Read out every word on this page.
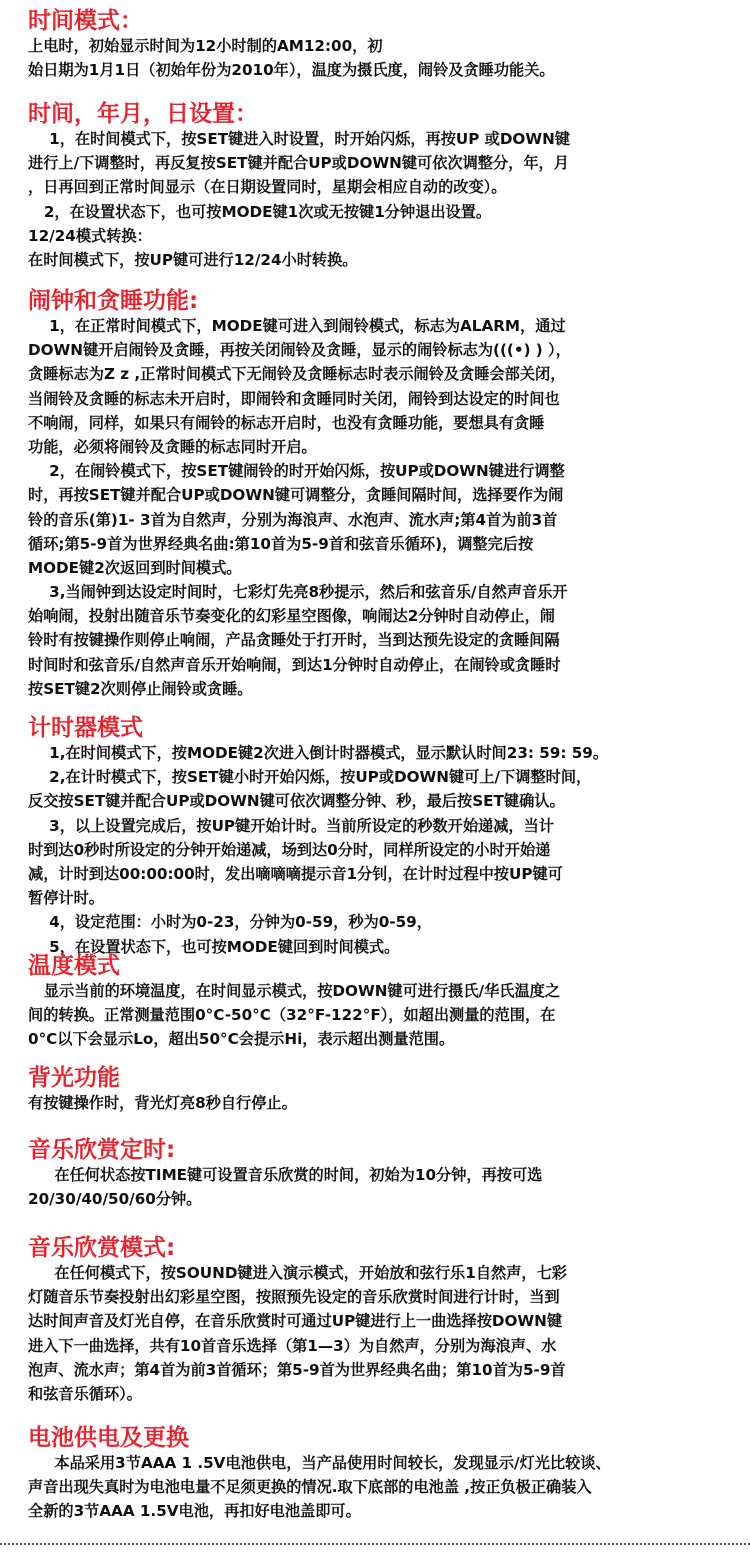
时间模式：
上电时，初始显示时间为12小时制的AM12:00，初
始日期为1月1日（初始年份为2010年），温度为摄氏度，闹铃及贪睡功能关。
时间，年月，日设置：
1，在时间模式下，按SET键进入时设置，时开始闪烁，再按UP 或DOWN键
进行上/下调整时，再反复按SET键并配合UP或DOWN键可依次调整分，年，月
，日再回到正常时间显示（在日期设置同时，星期会相应自动的改变）。
2，在设置状态下，也可按MODE键1次或无按键1分钟退出设置。
12/24模式转换：
在时间模式下，按UP键可进行12/24小时转换。
闹钟和贪睡功能:
1，在正常时间模式下，MODE键可进入到闹铃模式，标志为ALARM，通过
DOWN键开启闹铃及贪睡，再按关闭闹铃及贪睡，显示的闹铃标志为(((•) ) ），
贪睡标志为Z z ,正常时间模式下无闹铃及贪睡标志时表示闹铃及贪睡会部关闭，
当闹铃及贪睡的标志未开启时，即闹铃和贪睡同时关闭，闹铃到达设定的时间也
不响闹，同样，如果只有闹铃的标志开启时，也没有贪睡功能，要想具有贪睡
功能，必须将闹铃及贪睡的标志同时开启。
2，在闹铃模式下，按SET键闹铃的时开始闪烁，按UP或DOWN键进行调整
时，再按SET键并配合UP或DOWN键可调整分，贪睡间隔时间，选择要作为闹
铃的音乐(第)1- 3首为自然声，分别为海浪声、水泡声、流水声;第4首为前3首
循环;第5-9首为世界经典名曲:第10首为5-9首和弦音乐循环)，调整完后按
MODE键2次返回到时间模式。
3,当闹钟到达设定时间时，七彩灯先亮8秒提示，然后和弦音乐/自然声音乐开
始响闹，投射出随音乐节奏变化的幻彩星空图像，响闹达2分钟时自动停止，闹
铃时有按键操作则停止响闹，产品贪睡处于打开时，当到达预先设定的贪睡间隔
时间时和弦音乐/自然声音乐开始响闹，到达1分钟时自动停止，在闹铃或贪睡时
按SET键2次则停止闹铃或贪睡。
计时器模式
1,在时间模式下，按MODE键2次进入倒计时器模式，显示默认时间23: 59: 59。
2,在计时模式下，按SET键小时开始闪烁，按UP或DOWN键可上/下调整时间，
反交按SET键并配合UP或DOWN键可依次调整分钟、秒，最后按SET键确认。
3，以上设置完成后，按UP键开始计时。当前所设定的秒数开始递减，当计
时到达0秒时所设定的分钟开始递减，场到达0分时，同样所设定的小时开始递
减，计时到达00:00:00时，发出嘀嘀嘀提示音1分钊，在计时过程中按UP键可
暂停计时。
4，设定范围：小时为0-23，分钟为0-59，秒为0-59，
5，在设置状态下，也可按MODE键回到时间模式。
温度模式
显示当前的环境温度，在时间显示模式，按DOWN键可进行摄氏/华氏温度之
间的转换。正常测量范围0°C-50°C（32°F-122°F），如超出测量的范围，在
0°C以下会显示Lo，超出50°C会提示Hi，表示超出测量范围。
背光功能
有按键操作时，背光灯亮8秒自行停止。
音乐欣赏定时:
在任何状态按TIME键可设置音乐欣赏的时间，初始为10分钟，再按可选
20/30/40/50/60分钟。
音乐欣赏模式:
在任何模式下，按SOUND键进入演示模式，开始放和弦行乐1自然声，七彩
灯随音乐节奏投射出幻彩星空图，按照预先设定的音乐欣赏时间进行计时，当到
达时间声音及灯光自停，在音乐欣赏时可通过UP键进行上一曲选择按DOWN键
进入下一曲选择，共有10首音乐选择（第1—3）为自然声，分别为海浪声、水
泡声、流水声；第4首为前3首循环；第5-9首为世界经典名曲；第10首为5-9首
和弦音乐循环）。
电池供电及更换
本品采用3节AAA 1 .5V电池供电，当产品使用时间较长，发现显示/灯光比较谈、
声音出现失真时为电池电量不足须更换的情况.取下底部的电池盖 ,按正负极正确装入
全新的3节AAA 1.5V电池，再扣好电池盖即可。
